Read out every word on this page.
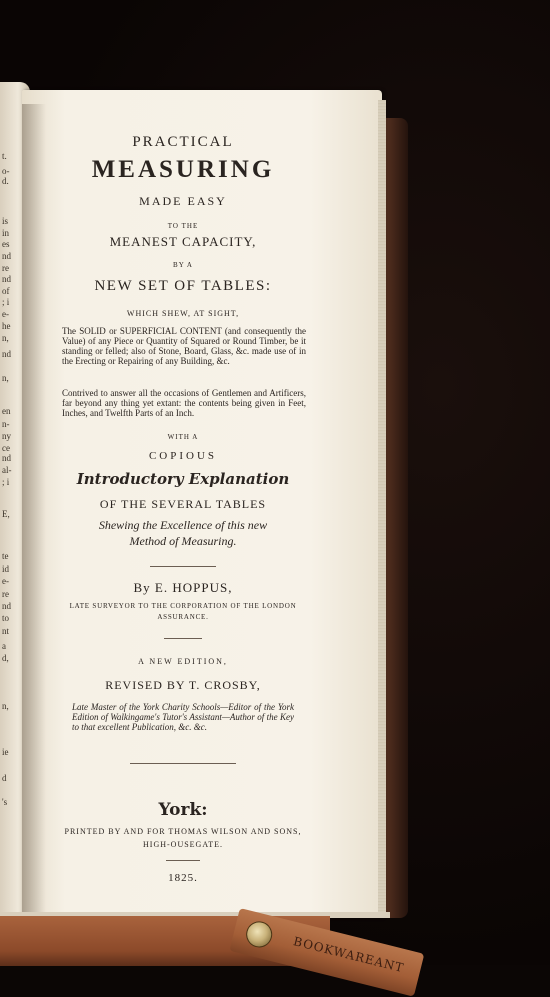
t.
o-
d.
is
in
es
nd
re
nd
of
; i
e-
he
n,
nd
n,
en
n-
ny
ce
nd
al-
; i
E,
te
id
e-
re
nd
to
nt
a
d,
n,
ie
d
's
PRACTICAL
MEASURING
MADE EASY
TO THE
MEANEST CAPACITY,
BY A
NEW SET OF TABLES:
WHICH SHEW, AT SIGHT,
The SOLID or SUPERFICIAL CONTENT (and consequently the Value) of any Piece or Quantity of Squared or Round Timber, be it standing or felled; also of Stone, Board, Glass, &c. made use of in the Erecting or Repairing of any Building, &c.
Contrived to answer all the occasions of Gentlemen and Artificers, far beyond any thing yet extant: the contents being given in Feet, Inches, and Twelfth Parts of an Inch.
WITH A
COPIOUS
Introductory Explanation
OF THE SEVERAL TABLES
Shewing the Excellence of this new
Method of Measuring.
By E. HOPPUS,
LATE SURVEYOR TO THE CORPORATION OF THE LONDON ASSURANCE.
A NEW EDITION,
REVISED BY T. CROSBY,
Late Master of the York Charity Schools—Editor of the York Edition of Walkingame's Tutor's Assistant—Author of the Key to that excellent Publication, &c. &c.
York:
PRINTED BY AND FOR THOMAS WILSON AND SONS, HIGH-OUSEGATE.
1825.
BOOKWAREANT
